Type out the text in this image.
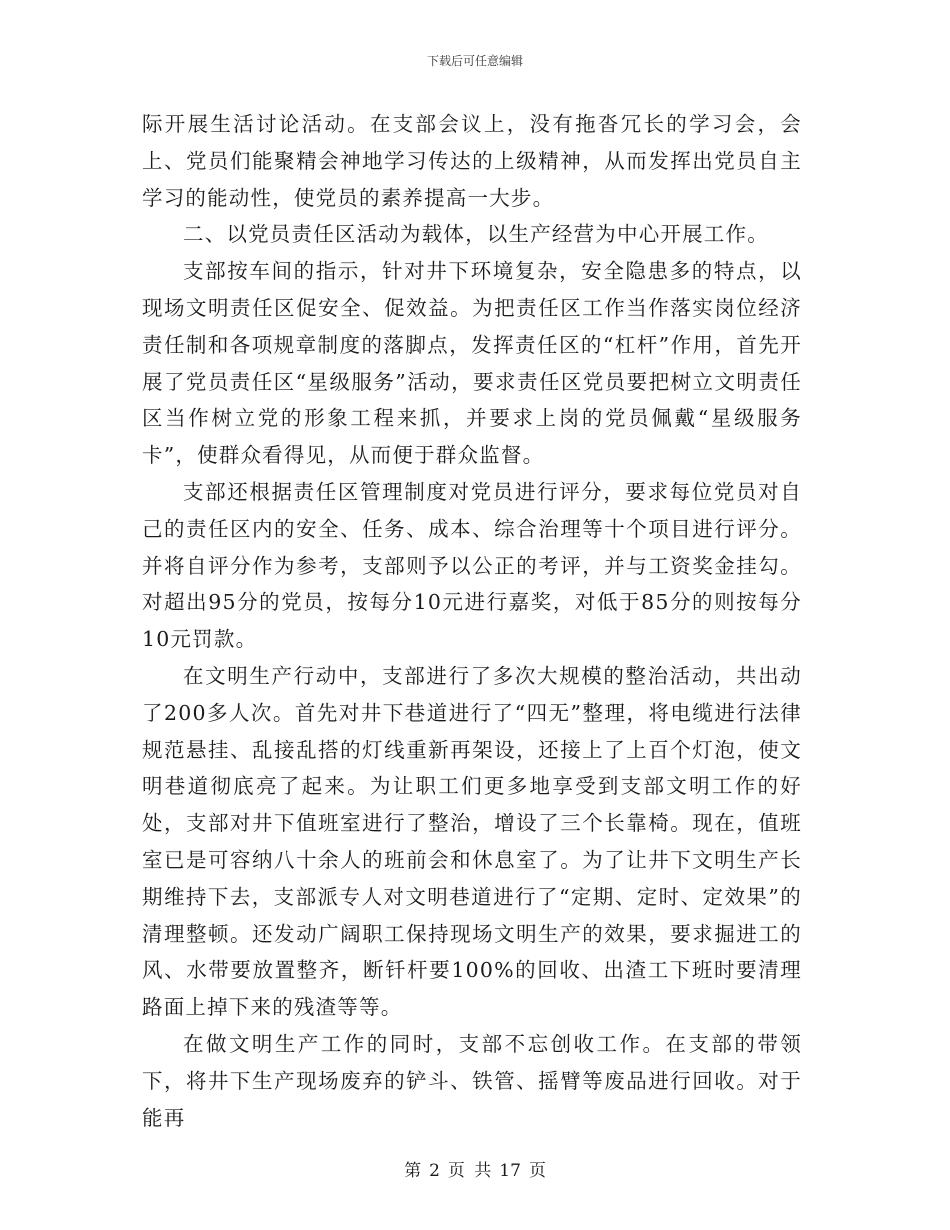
下载后可任意编辑

际开展生活讨论活动。在支部会议上，没有拖沓冗长的学习会，会上、党员们能聚精会神地学习传达的上级精神，从而发挥出党员自主学习的能动性，使党员的素养提高一大步。

二、以党员责任区活动为载体，以生产经营为中心开展工作。

支部按车间的指示，针对井下环境复杂，安全隐患多的特点，以现场文明责任区促安全、促效益。为把责任区工作当作落实岗位经济责任制和各项规章制度的落脚点，发挥责任区的“杠杆”作用，首先开展了党员责任区“星级服务”活动，要求责任区党员要把树立文明责任区当作树立党的形象工程来抓，并要求上岗的党员佩戴“星级服务卡”，使群众看得见，从而便于群众监督。

支部还根据责任区管理制度对党员进行评分，要求每位党员对自己的责任区内的安全、任务、成本、综合治理等十个项目进行评分。并将自评分作为参考，支部则予以公正的考评，并与工资奖金挂勾。对超出95分的党员，按每分10元进行嘉奖，对低于85分的则按每分10元罚款。

在文明生产行动中，支部进行了多次大规模的整治活动，共出动了200多人次。首先对井下巷道进行了“四无”整理，将电缆进行法律规范悬挂、乱接乱搭的灯线重新再架设，还接上了上百个灯泡，使文明巷道彻底亮了起来。为让职工们更多地享受到支部文明工作的好处，支部对井下值班室进行了整治，增设了三个长靠椅。现在，值班室已是可容纳八十余人的班前会和休息室了。为了让井下文明生产长期维持下去，支部派专人对文明巷道进行了“定期、定时、定效果”的清理整顿。还发动广阔职工保持现场文明生产的效果，要求掘进工的风、水带要放置整齐，断钎杆要100%的回收、出渣工下班时要清理路面上掉下来的残渣等等。

在做文明生产工作的同时，支部不忘创收工作。在支部的带领下，将井下生产现场废弃的铲斗、铁管、摇臂等废品进行回收。对于能再

第 2 页 共 17 页
